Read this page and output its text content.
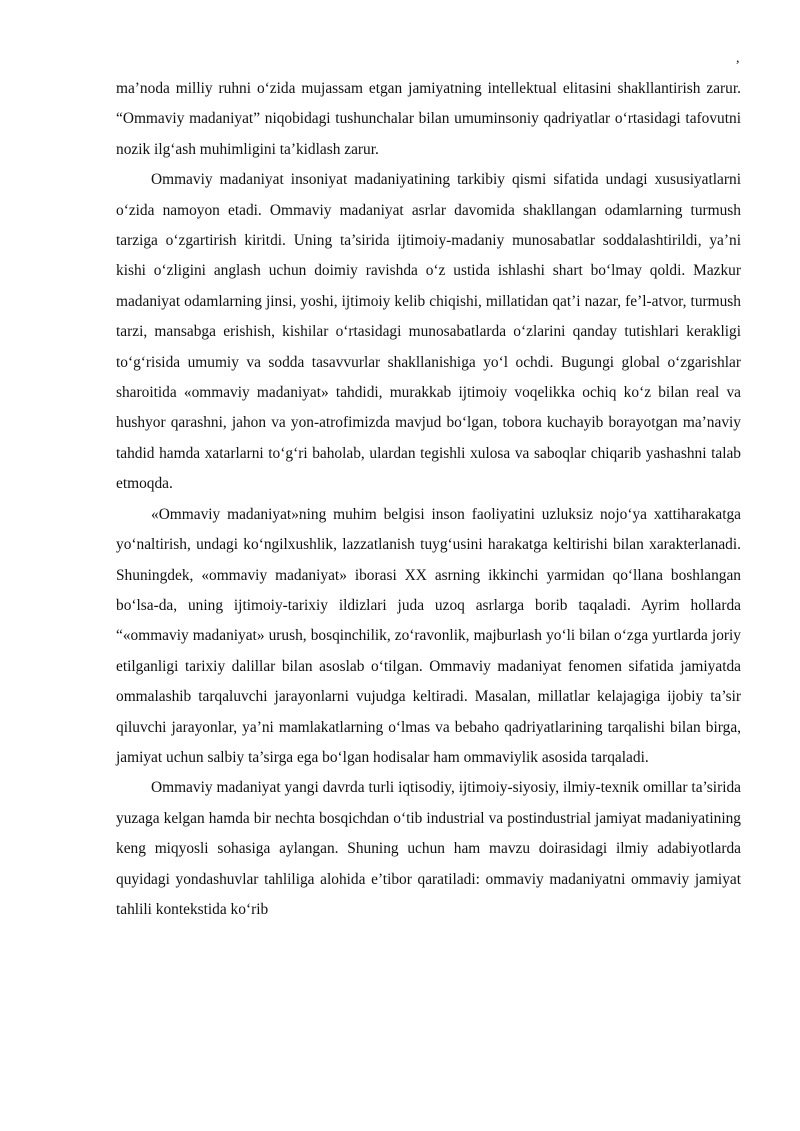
,

ma’noda milliy ruhni o‘zida mujassam etgan jamiyatning intellektual elitasini shakllantirish zarur. “Ommaviy madaniyat” niqobidagi tushunchalar bilan umuminsoniy qadriyatlar o‘rtasidagi tafovutni nozik ilg‘ash muhimligini ta’kidlash zarur.

Ommaviy madaniyat insoniyat madaniyatining tarkibiy qismi sifatida undagi xususiyatlarni o‘zida namoyon etadi. Ommaviy madaniyat asrlar davomida shakllangan odamlarning turmush tarziga o‘zgartirish kiritdi. Uning ta’sirida ijtimoiy-madaniy munosabatlar soddalashtirildi, ya’ni kishi o‘zligini anglash uchun doimiy ravishda o‘z ustida ishlashi shart bo‘lmay qoldi. Mazkur madaniyat odamlarning jinsi, yoshi, ijtimoiy kelib chiqishi, millatidan qat’i nazar, fe’l-atvor, turmush tarzi, mansabga erishish, kishilar o‘rtasidagi munosabatlarda o‘zlarini qanday tutishlari kerakligi to‘g‘risida umumiy va sodda tasavvurlar shakllanishiga yo‘l ochdi. Bugungi global o‘zgarishlar sharoitida «ommaviy madaniyat» tahdidi, murakkab ijtimoiy voqelikka ochiq ko‘z bilan real va hushyor qarashni, jahon va yon-atrofimizda mavjud bo‘lgan, tobora kuchayib borayotgan ma’naviy tahdid hamda xatarlarni to‘g‘ri baholab, ulardan tegishli xulosa va saboqlar chiqarib yashashni talab etmoqda.

«Ommaviy madaniyat»ning muhim belgisi inson faoliyatini uzluksiz nojo‘ya xattiharakatga yo‘naltirish, undagi ko‘ngilxushlik, lazzatlanish tuyg‘usini harakatga keltirishi bilan xarakterlanadi. Shuningdek, «ommaviy madaniyat» iborasi XX asrning ikkinchi yarmidan qo‘llana boshlangan bo‘lsa-da, uning ijtimoiy-tarixiy ildizlari juda uzoq asrlarga borib taqaladi. Ayrim hollarda “«ommaviy madaniyat» urush, bosqinchilik, zo‘ravonlik, majburlash yo‘li bilan o‘zga yurtlarda joriy etilganligi tarixiy dalillar bilan asoslab o‘tilgan. Ommaviy madaniyat fenomen sifatida jamiyatda ommalashib tarqaluvchi jarayonlarni vujudga keltiradi. Masalan, millatlar kelajagiga ijobiy ta’sir qiluvchi jarayonlar, ya’ni mamlakatlarning o‘lmas va bebaho qadriyatlarining tarqalishi bilan birga, jamiyat uchun salbiy ta’sirga ega bo‘lgan hodisalar ham ommaviylik asosida tarqaladi.

Ommaviy madaniyat yangi davrda turli iqtisodiy, ijtimoiy-siyosiy, ilmiy-texnik omillar ta’sirida yuzaga kelgan hamda bir nechta bosqichdan o‘tib industrial va postindustrial jamiyat madaniyatining keng miqyosli sohasiga aylangan. Shuning uchun ham mavzu doirasidagi ilmiy adabiyotlarda quyidagi yondashuvlar tahliliga alohida e’tibor qaratiladi: ommaviy madaniyatni ommaviy jamiyat tahlili kontekstida ko‘rib
